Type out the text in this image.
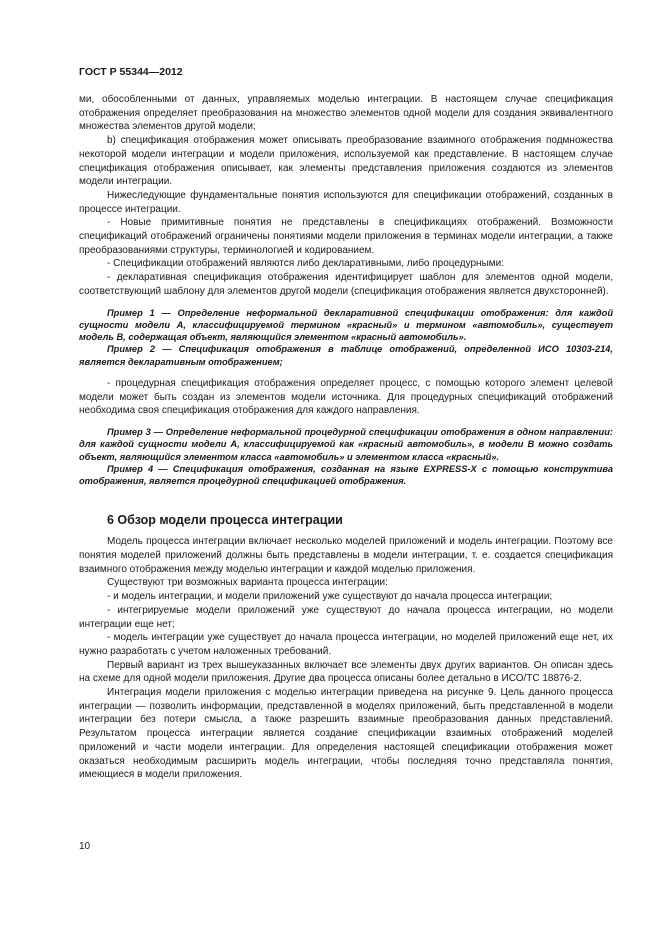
ГОСТ Р 55344—2012

ми, обособленными от данных, управляемых моделью интеграции. В настоящем случае спецификация отображения определяет преобразования на множество элементов одной модели для создания эквивалентного множества элементов другой модели;

b) спецификация отображения может описывать преобразование взаимного отображения подмножества некоторой модели интеграции и модели приложения, используемой как представление. В настоящем случае спецификация отображения описывает, как элементы представления приложения создаются из элементов модели интеграции.

Нижеследующие фундаментальные понятия используются для спецификации отображений, созданных в процессе интеграции.

- Новые примитивные понятия не представлены в спецификациях отображений. Возможности спецификаций отображений ограничены понятиями модели приложения в терминах модели интеграции, а также преобразованиями структуры, терминологией и кодированием.

- Спецификации отображений являются либо декларативными, либо процедурными:

- декларативная спецификация отображения идентифицирует шаблон для элементов одной модели, соответствующий шаблону для элементов другой модели (спецификация отображения является двухсторонней).

Пример 1 — Определение неформальной декларативной спецификации отображения: для каждой сущности модели А, классифицируемой термином «красный» и термином «автомобиль», существует модель В, содержащая объект, являющийся элементом «красный автомобиль».

Пример 2 — Спецификация отображения в таблице отображений, определенной ИСО 10303-214, является декларативным отображением;

- процедурная спецификация отображения определяет процесс, с помощью которого элемент целевой модели может быть создан из элементов модели источника. Для процедурных спецификаций отображений необходима своя спецификация отображения для каждого направления.

Пример 3 — Определение неформальной процедурной спецификации отображения в одном направлении: для каждой сущности модели А, классифицируемой как «красный автомобиль», в модели В можно создать объект, являющийся элементом класса «автомобиль» и элементом класса «красный».

Пример 4 — Спецификация отображения, созданная на языке EXPRESS-X с помощью конструктива отображения, является процедурной спецификацией отображения.

6 Обзор модели процесса интеграции

Модель процесса интеграции включает несколько моделей приложений и модель интеграции. Поэтому все понятия моделей приложений должны быть представлены в модели интеграции, т. е. создается спецификация взаимного отображения между моделью интеграции и каждой моделью приложения.

Существуют три возможных варианта процесса интеграции:

- и модель интеграции, и модели приложений уже существуют до начала процесса интеграции;

- интегрируемые модели приложений уже существуют до начала процесса интеграции, но модели интеграции еще нет;

- модель интеграции уже существует до начала процесса интеграции, но моделей приложений еще нет, их нужно разработать с учетом наложенных требований.

Первый вариант из трех вышеуказанных включает все элементы двух других вариантов. Он описан здесь на схеме для одной модели приложения. Другие два процесса описаны более детально в ИСО/ТС 18876-2.

Интеграция модели приложения с моделью интеграции приведена на рисунке 9. Цель данного процесса интеграции — позволить информации, представленной в моделях приложений, быть представленной в модели интеграции без потери смысла, а также разрешить взаимные преобразования данных представлений. Результатом процесса интеграции является создание спецификации взаимных отображений моделей приложений и части модели интеграции. Для определения настоящей спецификации отображения может оказаться необходимым расширить модель интеграции, чтобы последняя точно представляла понятия, имеющиеся в модели приложения.

10
